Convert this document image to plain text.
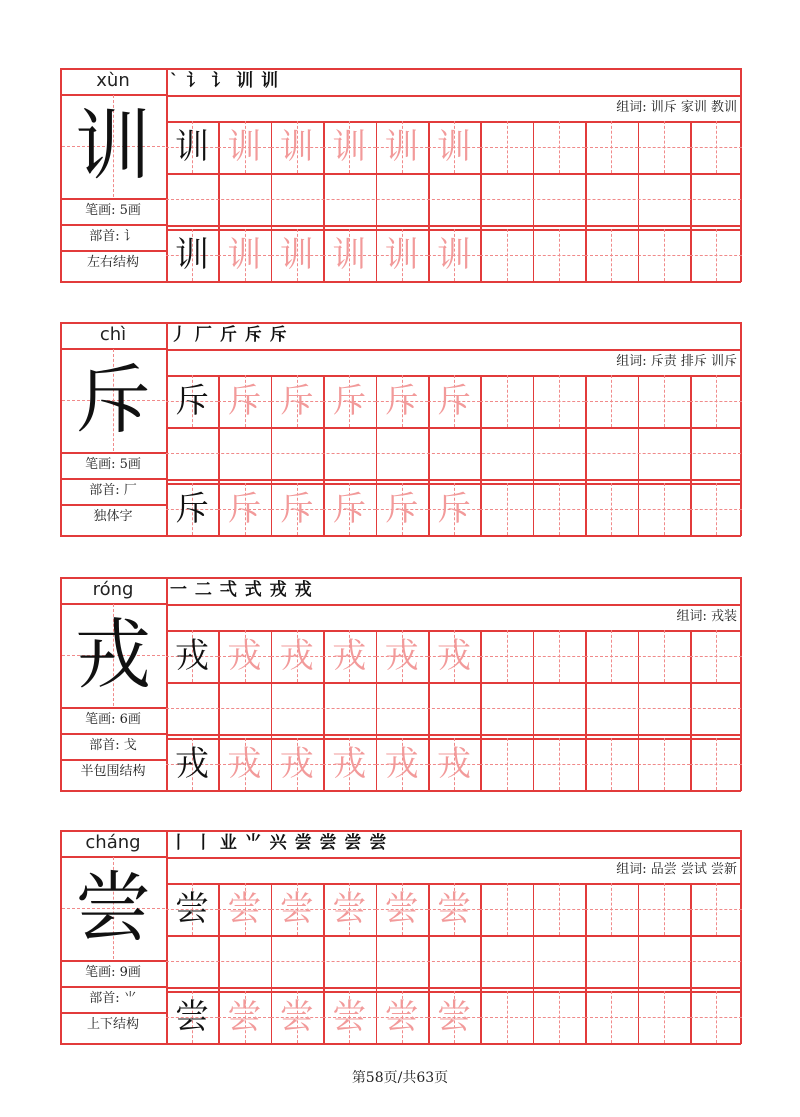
xùn
训
笔画: 5画
部首: 讠
左右结构
` 讠 讠 训 训
组词: 训斥 家训 教训
训 训 训 训 训 训
训 训 训 训 训 训
chì
斥
笔画: 5画
部首: 厂
独体字
丿 厂 斤 斥 斥
组词: 斥责 排斥 训斥
斥 斥 斥 斥 斥 斥
斥 斥 斥 斥 斥 斥
róng
戎
笔画: 6画
部首: 戈
半包围结构
一 二 弌 式 戎 戎
组词: 戎装
戎 戎 戎 戎 戎 戎
戎 戎 戎 戎 戎 戎
cháng
尝
笔画: 9画
部首: ⺌
上下结构
丨 丨 业 ⺌ 兴 尝 尝 尝 尝
组词: 品尝 尝试 尝新
尝 尝 尝 尝 尝 尝
尝 尝 尝 尝 尝 尝
第58页/共63页
